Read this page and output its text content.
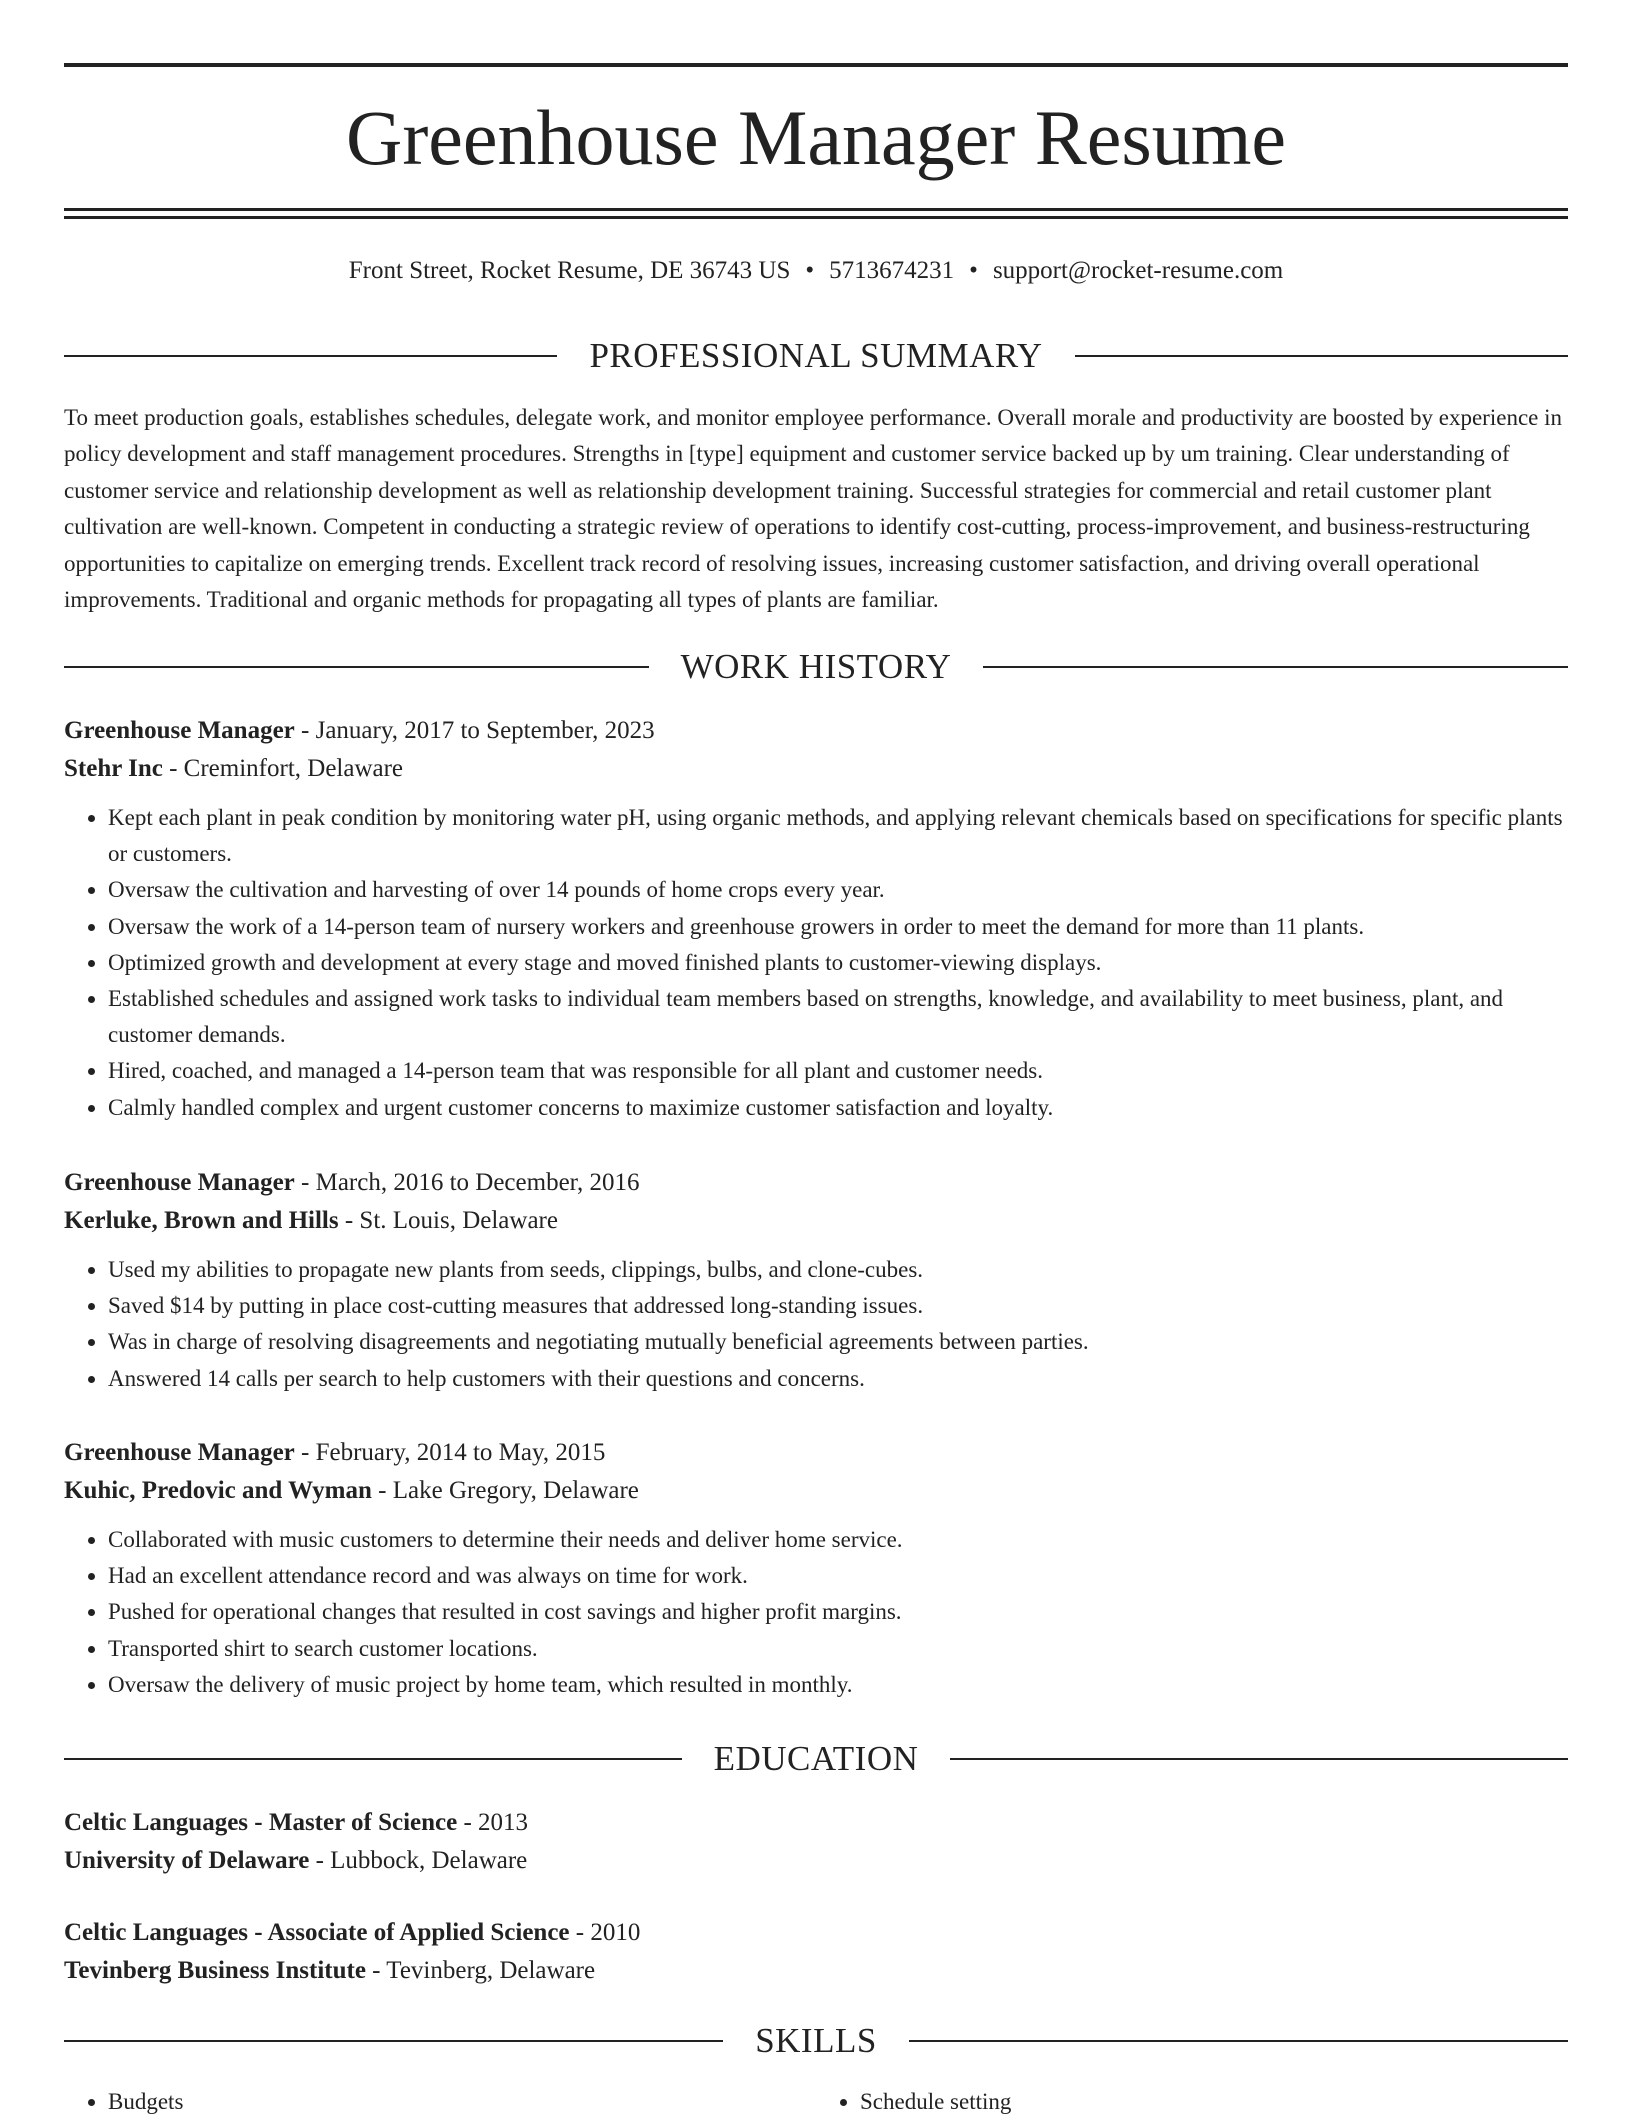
Greenhouse Manager Resume
Front Street, Rocket Resume, DE 36743 US • 5713674231 • support@rocket-resume.com
PROFESSIONAL SUMMARY

To meet production goals, establishes schedules, delegate work, and monitor employee performance. Overall morale and productivity are boosted by experience in policy development and staff management procedures. Strengths in [type] equipment and customer service backed up by um training. Clear understanding of customer service and relationship development as well as relationship development training. Successful strategies for commercial and retail customer plant cultivation are well-known. Competent in conducting a strategic review of operations to identify cost-cutting, process-improvement, and business-restructuring opportunities to capitalize on emerging trends. Excellent track record of resolving issues, increasing customer satisfaction, and driving overall operational improvements. Traditional and organic methods for propagating all types of plants are familiar.

WORK HISTORY
Greenhouse Manager - January, 2017 to September, 2023
Stehr Inc - Creminfort, Delaware
• Kept each plant in peak condition by monitoring water pH, using organic methods, and applying relevant chemicals based on specifications for specific plants or customers.
• Oversaw the cultivation and harvesting of over 14 pounds of home crops every year.
• Oversaw the work of a 14-person team of nursery workers and greenhouse growers in order to meet the demand for more than 11 plants.
• Optimized growth and development at every stage and moved finished plants to customer-viewing displays.
• Established schedules and assigned work tasks to individual team members based on strengths, knowledge, and availability to meet business, plant, and customer demands.
• Hired, coached, and managed a 14-person team that was responsible for all plant and customer needs.
• Calmly handled complex and urgent customer concerns to maximize customer satisfaction and loyalty.
Greenhouse Manager - March, 2016 to December, 2016
Kerluke, Brown and Hills - St. Louis, Delaware
• Used my abilities to propagate new plants from seeds, clippings, bulbs, and clone-cubes.
• Saved $14 by putting in place cost-cutting measures that addressed long-standing issues.
• Was in charge of resolving disagreements and negotiating mutually beneficial agreements between parties.
• Answered 14 calls per search to help customers with their questions and concerns.
Greenhouse Manager - February, 2014 to May, 2015
Kuhic, Predovic and Wyman - Lake Gregory, Delaware
• Collaborated with music customers to determine their needs and deliver home service.
• Had an excellent attendance record and was always on time for work.
• Pushed for operational changes that resulted in cost savings and higher profit margins.
• Transported shirt to search customer locations.
• Oversaw the delivery of music project by home team, which resulted in monthly.
EDUCATION
Celtic Languages - Master of Science - 2013
University of Delaware - Lubbock, Delaware
Celtic Languages - Associate of Applied Science - 2010
Tevinberg Business Institute - Tevinberg, Delaware
SKILLS
• Budgets
•	Schedule setting
